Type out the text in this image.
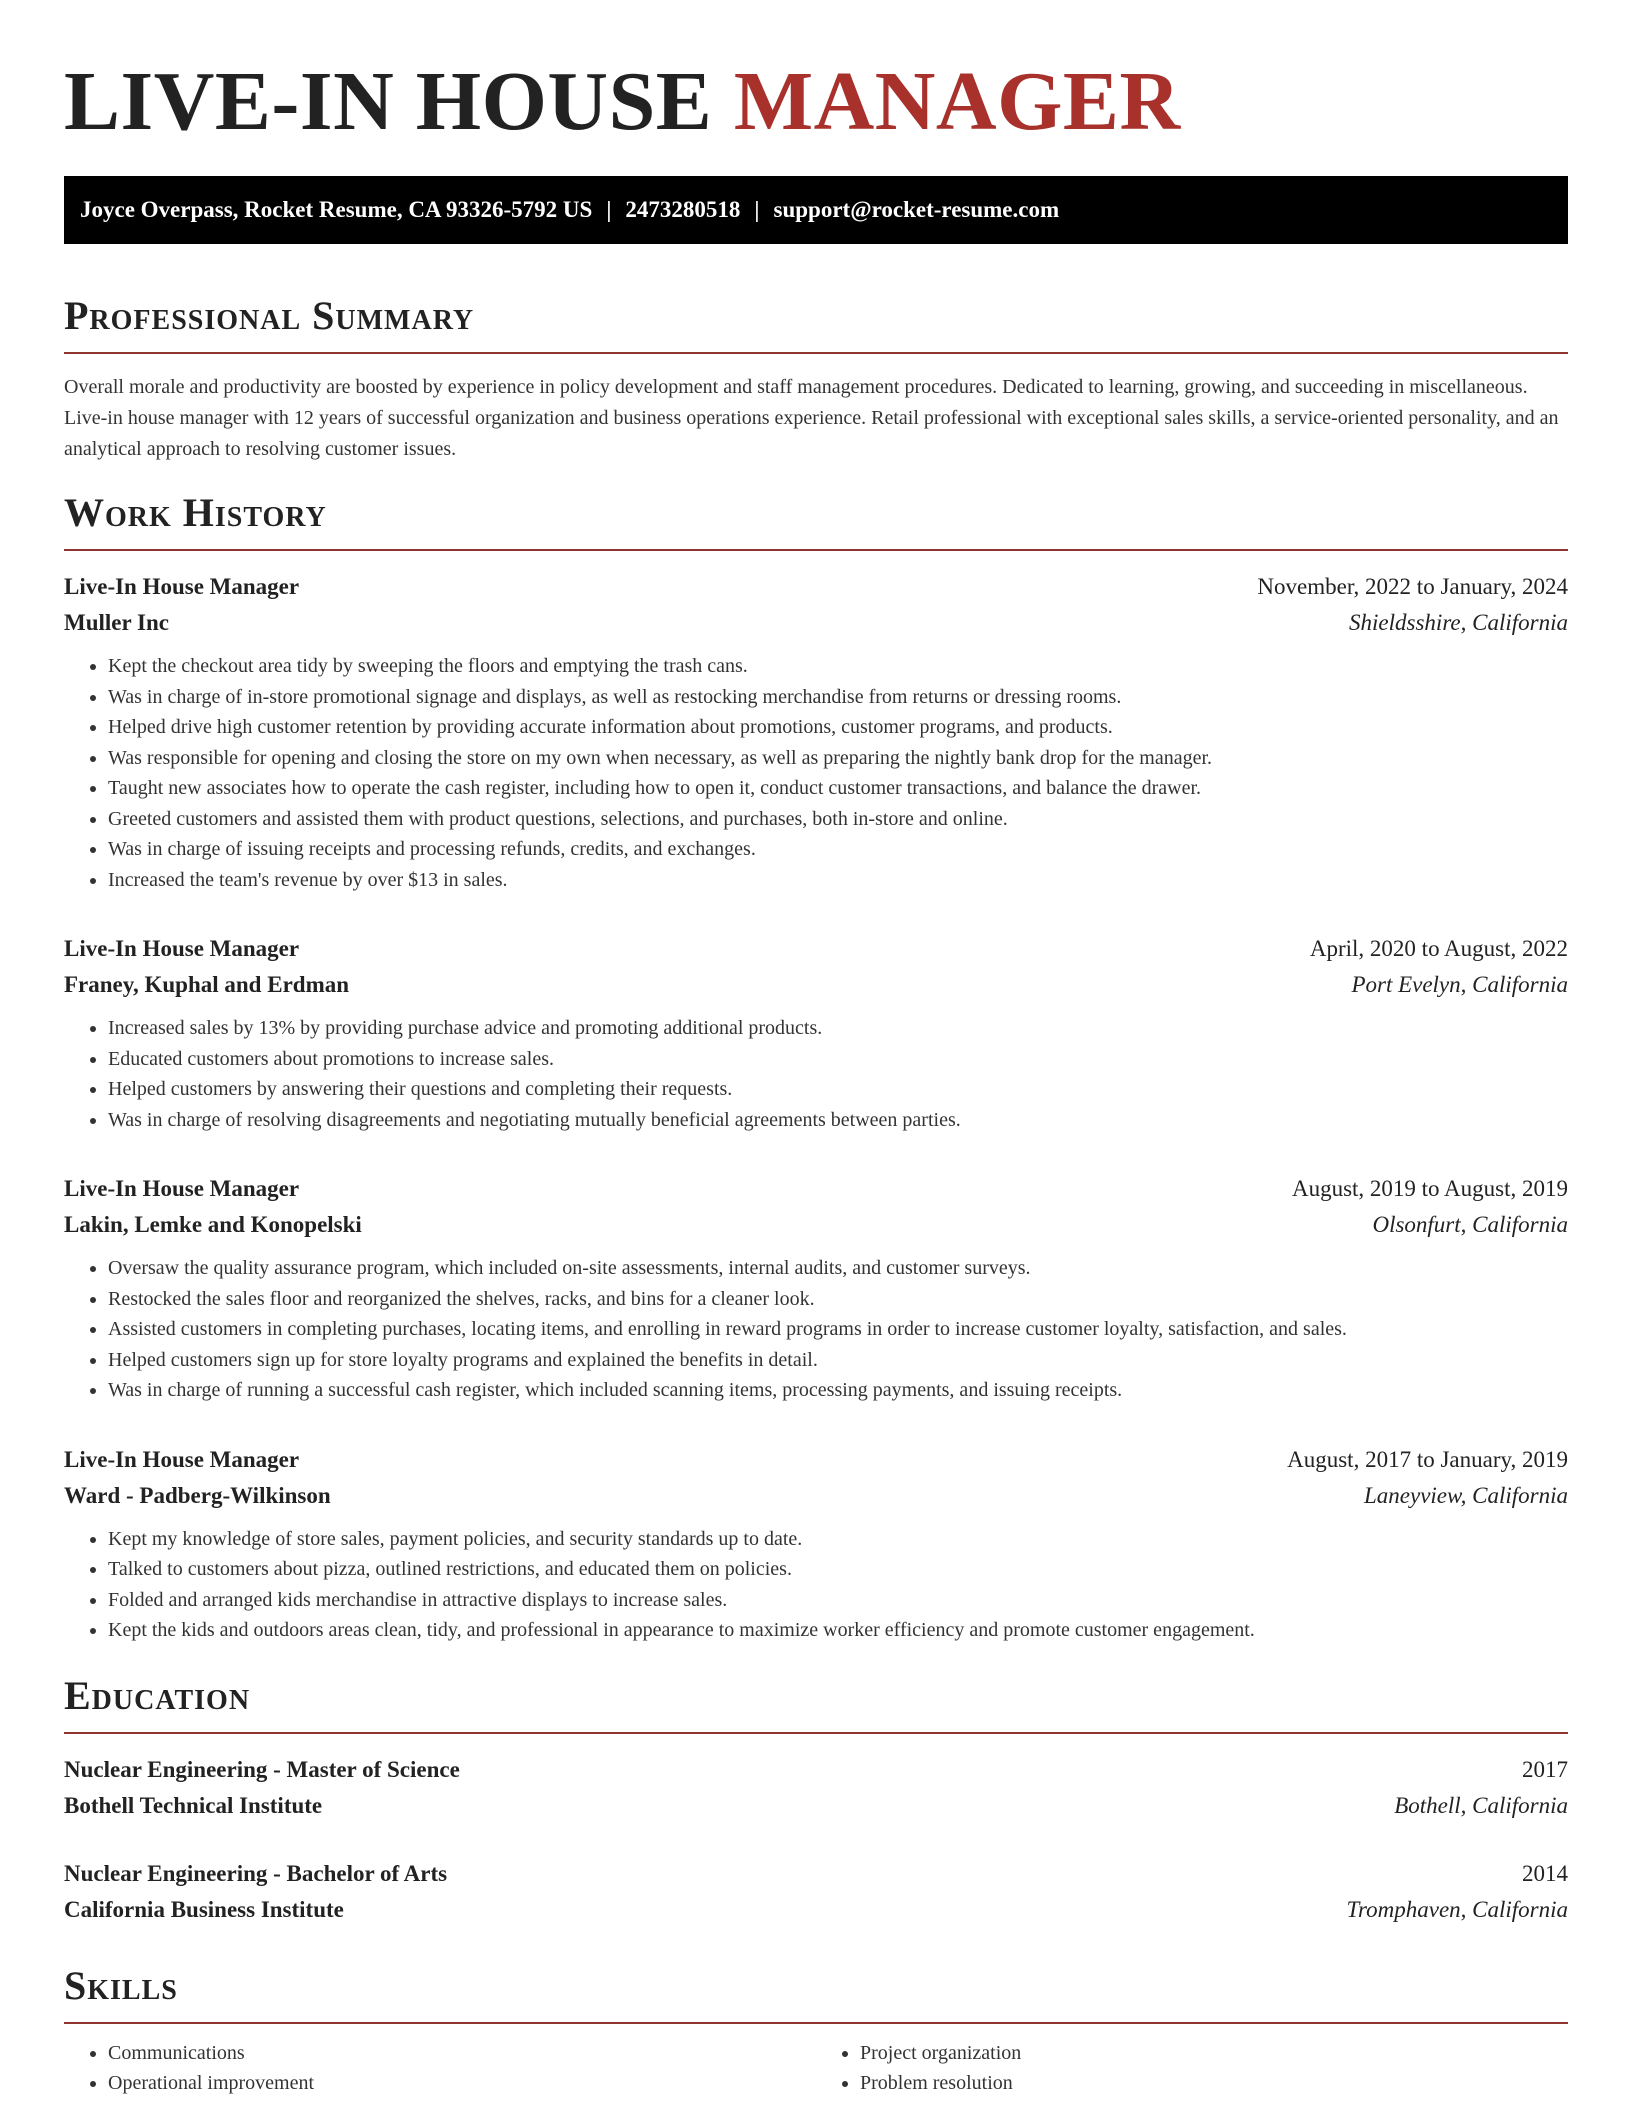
LIVE-IN HOUSE MANAGER
Joyce Overpass, Rocket Resume, CA 93326-5792 US | 2473280518 | support@rocket-resume.com
Professional Summary

Overall morale and productivity are boosted by experience in policy development and staff management procedures. Dedicated to learning, growing, and succeeding in miscellaneous. Live-in house manager with 12 years of successful organization and business operations experience. Retail professional with exceptional sales skills, a service-oriented personality, and an analytical approach to resolving customer issues.

Work History
Live-In House Manager	November, 2022 to January, 2024
Muller Inc	Shieldsshire, California
• Kept the checkout area tidy by sweeping the floors and emptying the trash cans.
• Was in charge of in-store promotional signage and displays, as well as restocking merchandise from returns or dressing rooms.
• Helped drive high customer retention by providing accurate information about promotions, customer programs, and products.
• Was responsible for opening and closing the store on my own when necessary, as well as preparing the nightly bank drop for the manager.
• Taught new associates how to operate the cash register, including how to open it, conduct customer transactions, and balance the drawer.
• Greeted customers and assisted them with product questions, selections, and purchases, both in-store and online.
• Was in charge of issuing receipts and processing refunds, credits, and exchanges.
• Increased the team's revenue by over $13 in sales.
Live-In House Manager	April, 2020 to August, 2022
Franey, Kuphal and Erdman	Port Evelyn, California
• Increased sales by 13% by providing purchase advice and promoting additional products.
• Educated customers about promotions to increase sales.
• Helped customers by answering their questions and completing their requests.
• Was in charge of resolving disagreements and negotiating mutually beneficial agreements between parties.
Live-In House Manager	August, 2019 to August, 2019
Lakin, Lemke and Konopelski	Olsonfurt, California
• Oversaw the quality assurance program, which included on-site assessments, internal audits, and customer surveys.
• Restocked the sales floor and reorganized the shelves, racks, and bins for a cleaner look.
• Assisted customers in completing purchases, locating items, and enrolling in reward programs in order to increase customer loyalty, satisfaction, and sales.
• Helped customers sign up for store loyalty programs and explained the benefits in detail.
• Was in charge of running a successful cash register, which included scanning items, processing payments, and issuing receipts.
Live-In House Manager	August, 2017 to January, 2019
Ward - Padberg-Wilkinson	Laneyview, California
• Kept my knowledge of store sales, payment policies, and security standards up to date.
• Talked to customers about pizza, outlined restrictions, and educated them on policies.
• Folded and arranged kids merchandise in attractive displays to increase sales.
• Kept the kids and outdoors areas clean, tidy, and professional in appearance to maximize worker efficiency and promote customer engagement.
Education
Nuclear Engineering - Master of Science	2017
Bothell Technical Institute	Bothell, California
Nuclear Engineering - Bachelor of Arts	2014
California Business Institute	Tromphaven, California
Skills
• Communications
• Operational improvement
• Project organization
• Problem resolution
